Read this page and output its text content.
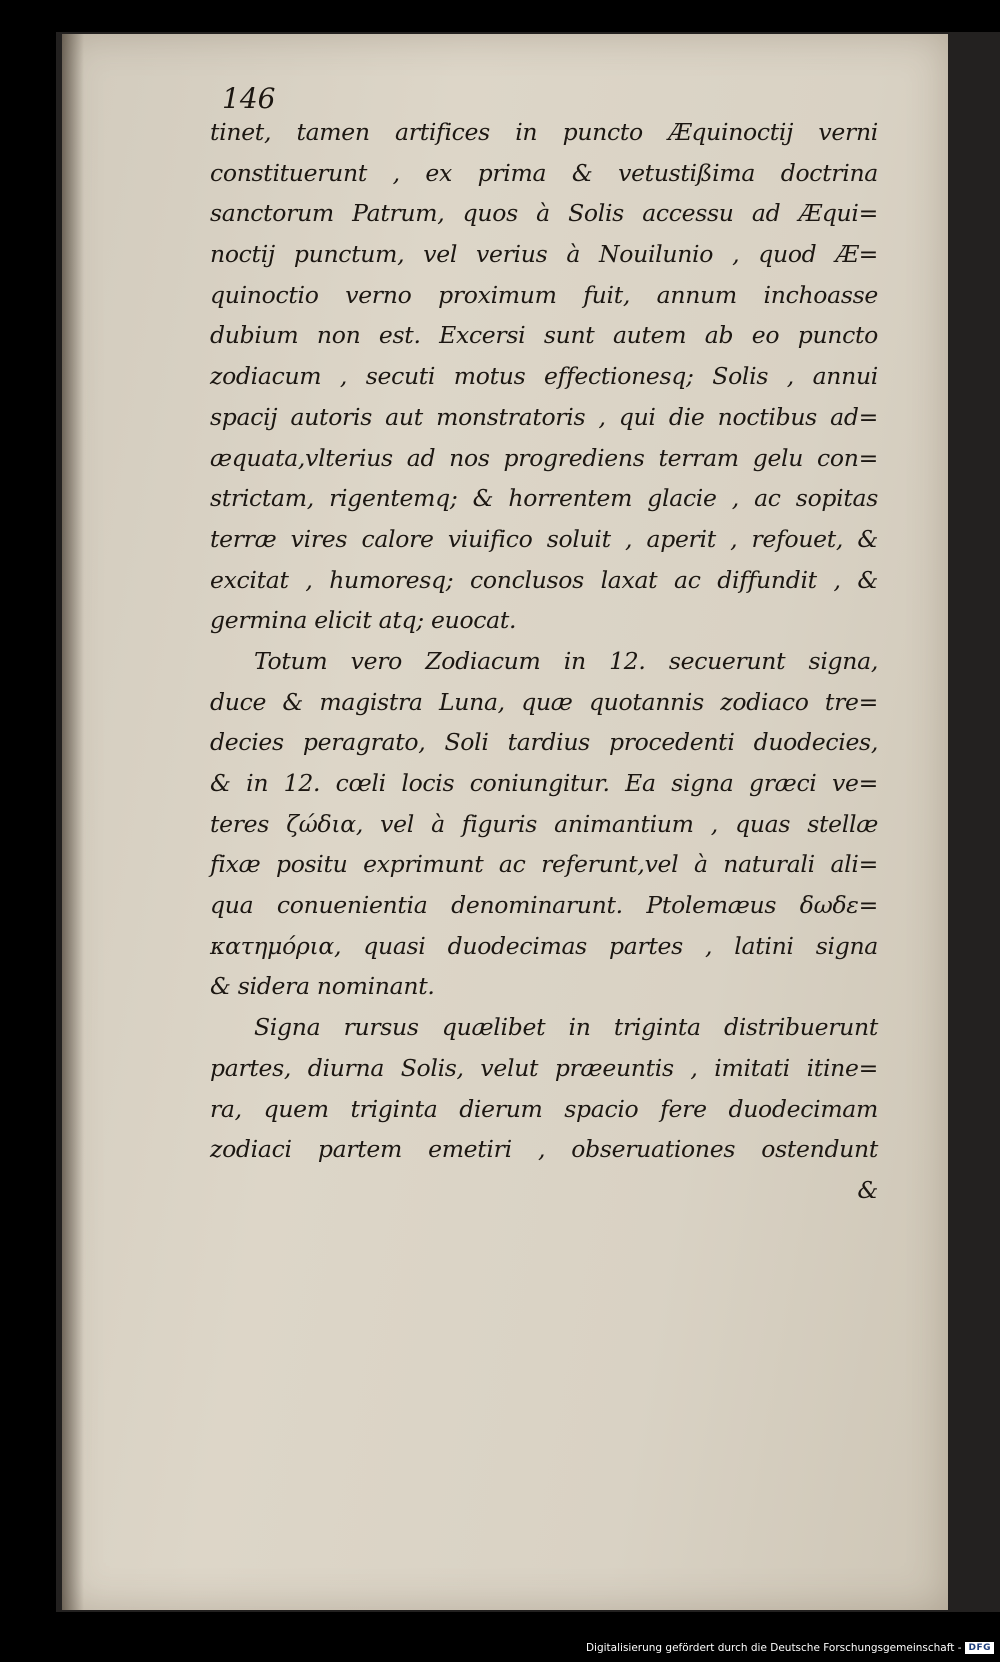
146
tinet, tamen artifices in puncto Æquinoctij verni
constituerunt , ex prima & vetustißima doctrina
sanctorum Patrum, quos à Solis accessu ad Æqui=
noctij punctum, vel verius à Nouilunio , quod Æ=
quinoctio verno proximum fuit, annum inchoasse
dubium non est. Excersi sunt autem ab eo puncto
zodiacum , secuti motus effectionesq; Solis , annui
spacij autoris aut monstratoris , qui die noctibus ad=
æquata,vlterius ad nos progrediens terram gelu con=
strictam, rigentemq; & horrentem glacie , ac sopitas
terræ vires calore viuifico soluit , aperit , refouet, &
excitat , humoresq; conclusos laxat ac diffundit , &
germina elicit atq; euocat.
Totum vero Zodiacum in 12. secuerunt signa,
duce & magistra Luna, quæ quotannis zodiaco tre=
decies peragrato, Soli tardius procedenti duodecies,
& in 12. cœli locis coniungitur. Ea signa græci ve=
teres ζώδια, vel à figuris animantium , quas stellæ
fixæ positu exprimunt ac referunt,vel à naturali ali=
qua conuenientia denominarunt. Ptolemæus δωδε=
κατημόρια, quasi duodecimas partes , latini signa
& sidera nominant.
Signa rursus quælibet in triginta distribuerunt
partes, diurna Solis, velut præeuntis , imitati itine=
ra, quem triginta dierum spacio fere duodecimam
zodiaci partem emetiri , obseruationes ostendunt
&
Digitalisierung gefördert durch die Deutsche Forschungsgemeinschaft - DFG
